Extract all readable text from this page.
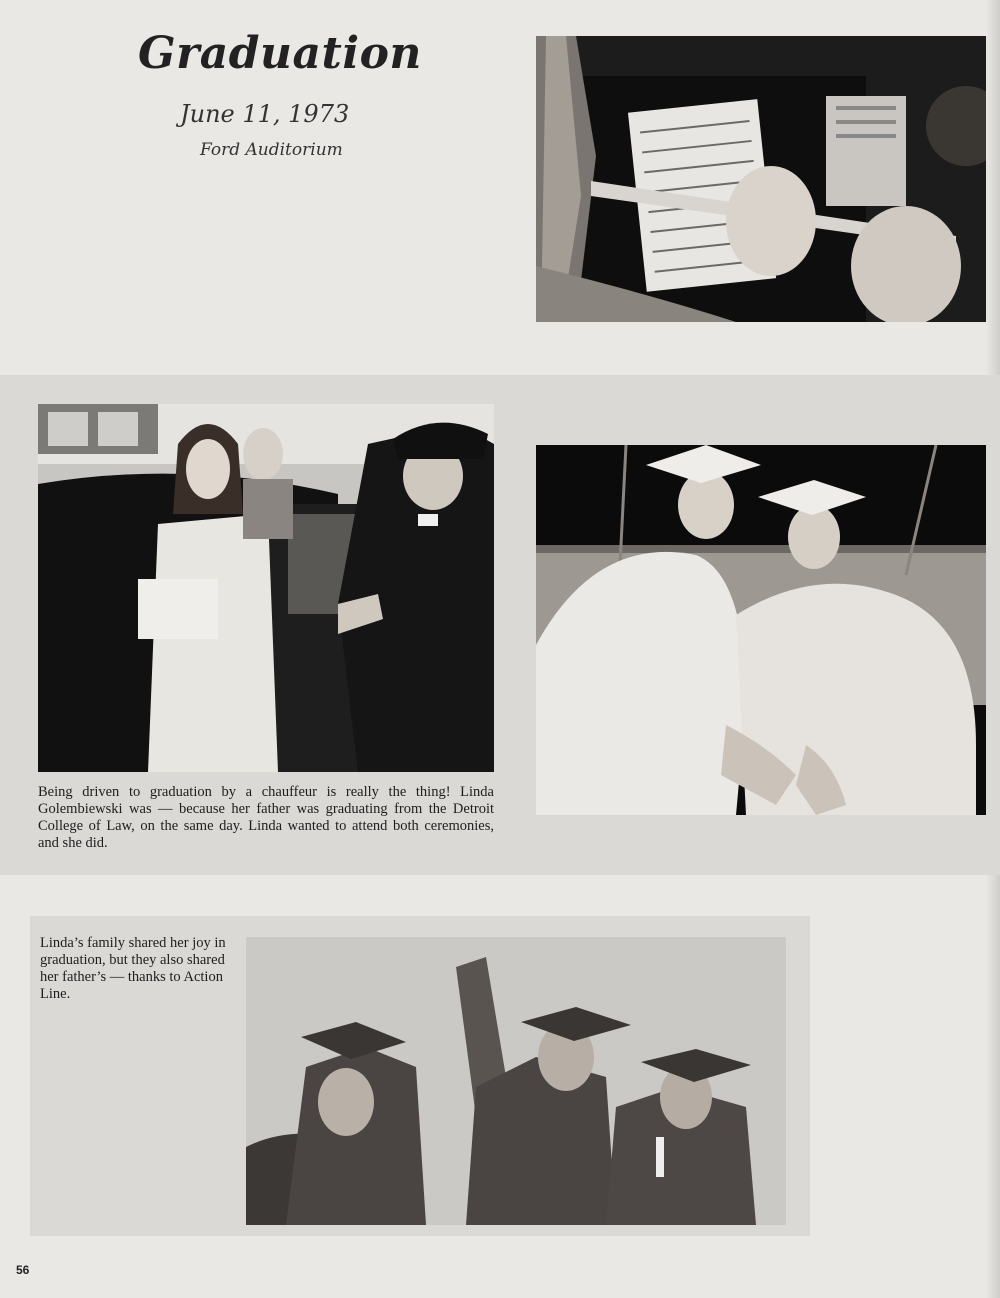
Graduation
June 11, 1973
Ford Auditorium
Being driven to graduation by a chauffeur is really the thing! Linda Golembiewski was — because her father was graduating from the Detroit College of Law, on the same day. Linda wanted to attend both ceremonies, and she did.
Linda’s family shared her joy in graduation, but they also shared her father’s — thanks to Action Line.
56
